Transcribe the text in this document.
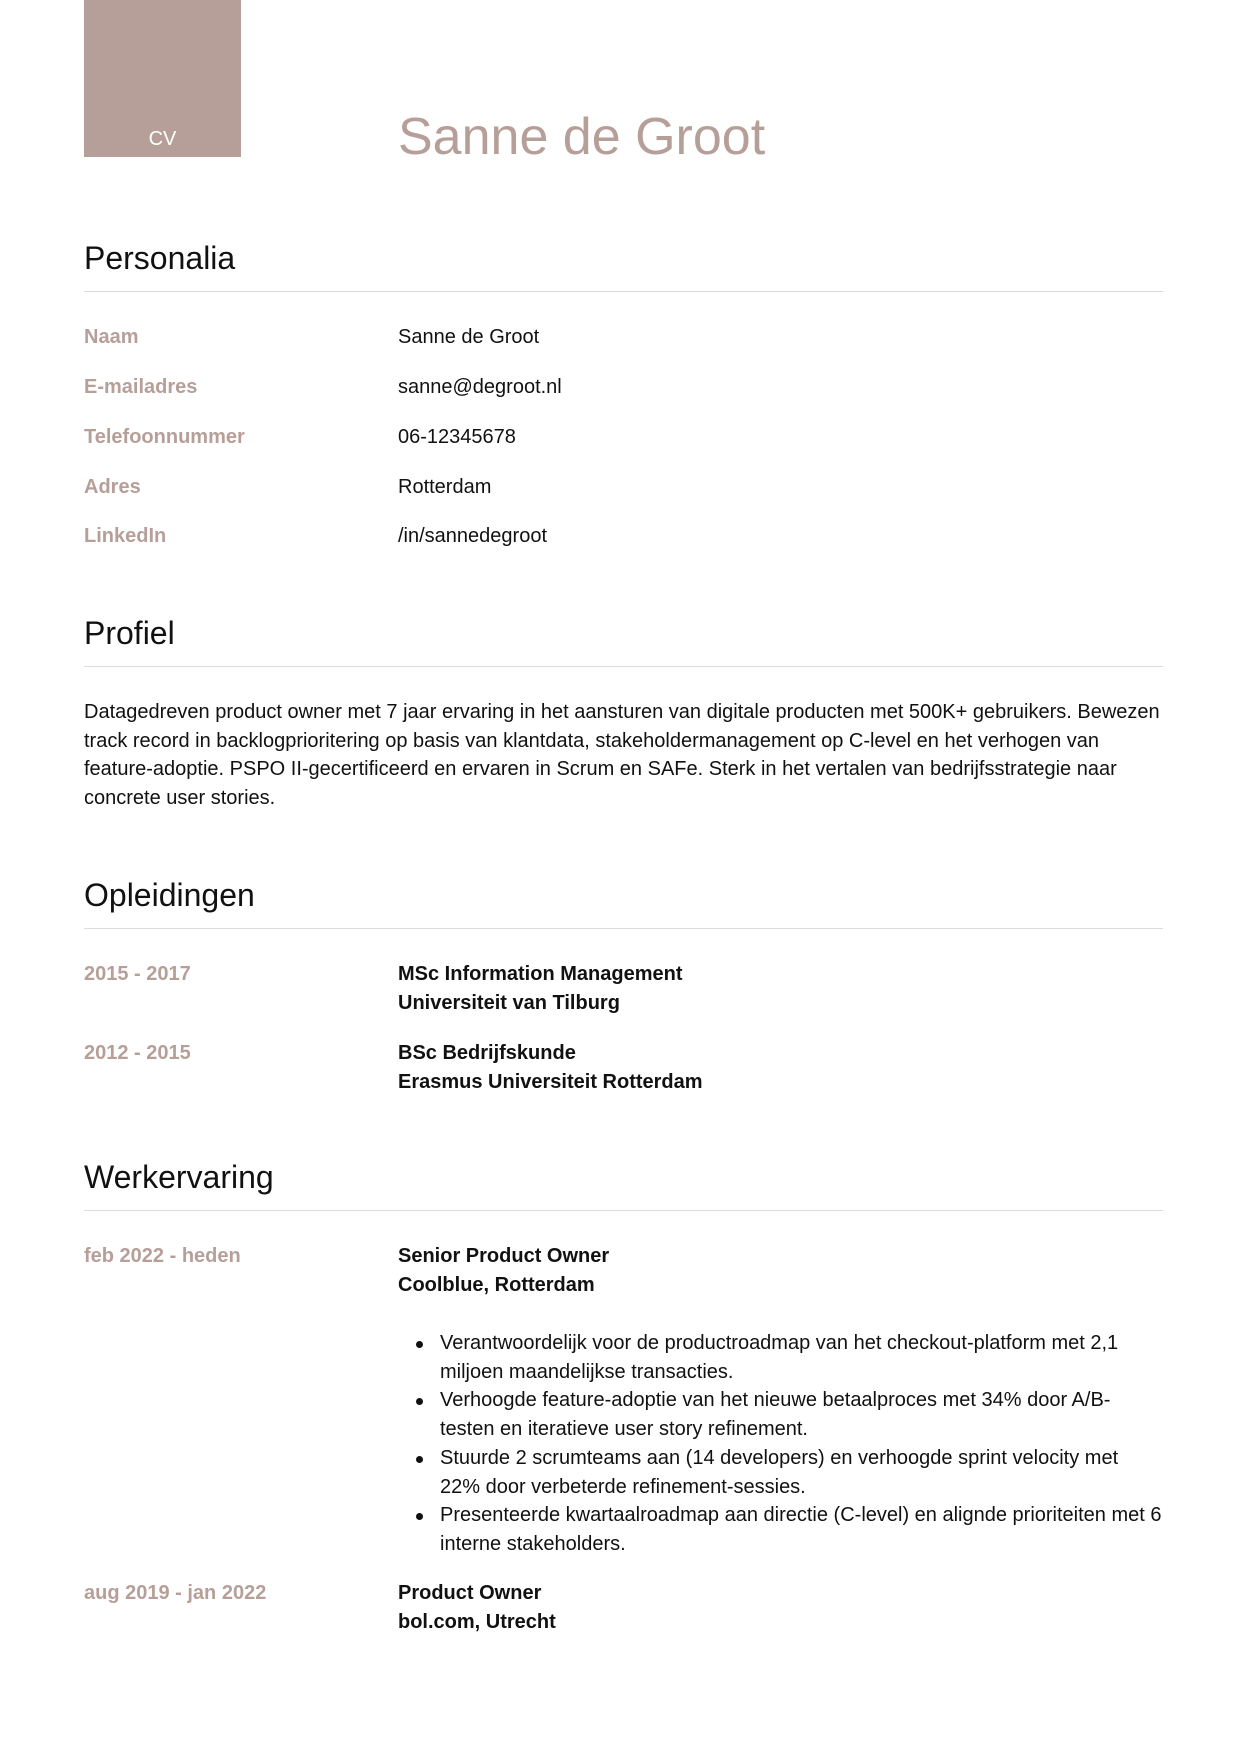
CV	Sanne de Groot
Personalia
Naam	Sanne de Groot
E-mailadres	sanne@degroot.nl
Telefoonnummer	06-12345678
Adres	Rotterdam
LinkedIn	/in/sannedegroot
Profiel
Datagedreven product owner met 7 jaar ervaring in het aansturen van digitale producten met 500K+ gebruikers. Bewezen track record in backlogprioritering op basis van klantdata, stakeholdermanagement op C-level en het verhogen van feature-adoptie. PSPO II-gecertificeerd en ervaren in Scrum en SAFe. Sterk in het vertalen van bedrijfsstrategie naar concrete user stories.
Opleidingen
2015 - 2017	MSc Information Management
Universiteit van Tilburg
2012 - 2015	BSc Bedrijfskunde
Erasmus Universiteit Rotterdam
Werkervaring
feb 2022 - heden	Senior Product Owner
Coolblue, Rotterdam
Verantwoordelijk voor de productroadmap van het checkout-platform met 2,1 miljoen maandelijkse transacties.
Verhoogde feature-adoptie van het nieuwe betaalproces met 34% door A/B-testen en iteratieve user story refinement.
Stuurde 2 scrumteams aan (14 developers) en verhoogde sprint velocity met 22% door verbeterde refinement-sessies.
Presenteerde kwartaalroadmap aan directie (C-level) en alignde prioriteiten met 6 interne stakeholders.
aug 2019 - jan 2022	Product Owner
bol.com, Utrecht
